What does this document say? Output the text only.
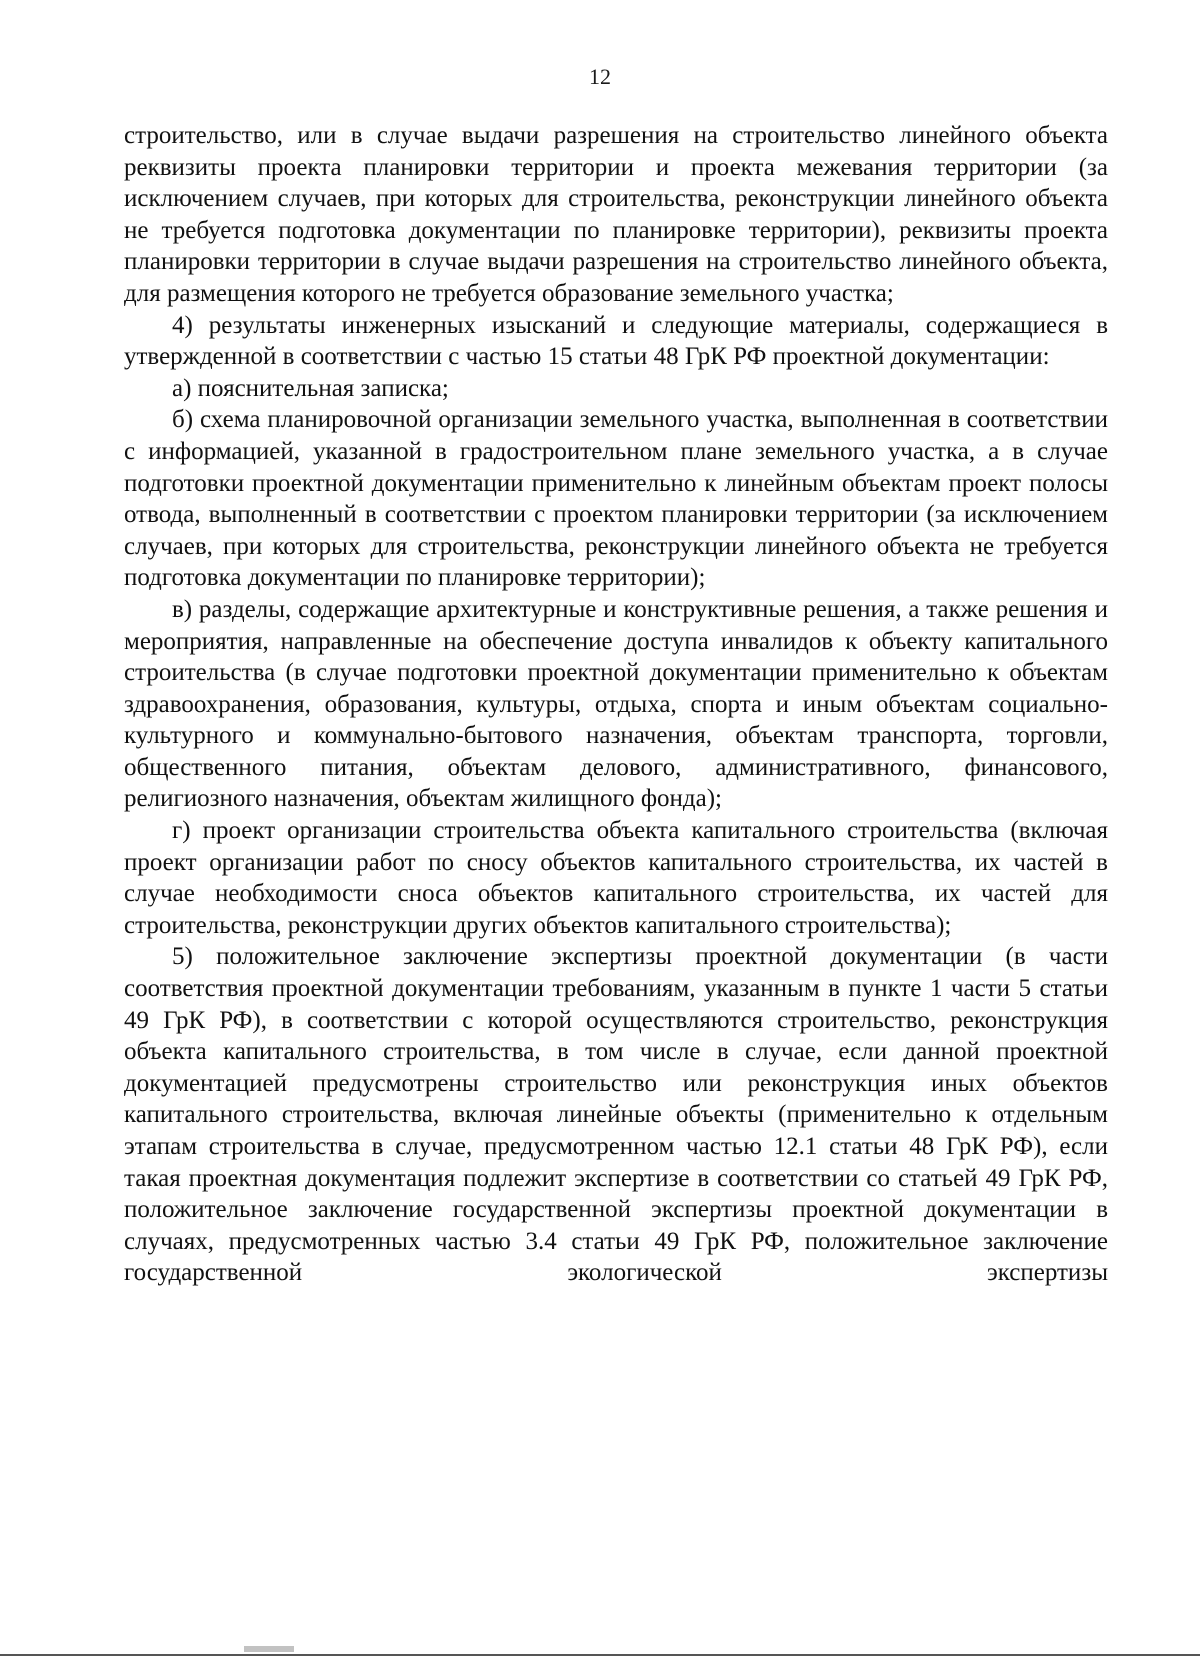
12

строительство, или в случае выдачи разрешения на строительство линейного объекта реквизиты проекта планировки территории и проекта межевания территории (за исключением случаев, при которых для строительства, реконструкции линейного объекта не требуется подготовка документации по планировке территории), реквизиты проекта планировки территории в случае выдачи разрешения на строительство линейного объекта, для размещения которого не требуется образование земельного участка;

4) результаты инженерных изысканий и следующие материалы, содержащиеся в утвержденной в соответствии с частью 15 статьи 48 ГрК РФ проектной документации:

а) пояснительная записка;

б) схема планировочной организации земельного участка, выполненная в соответствии с информацией, указанной в градостроительном плане земельного участка, а в случае подготовки проектной документации применительно к линейным объектам проект полосы отвода, выполненный в соответствии с проектом планировки территории (за исключением случаев, при которых для строительства, реконструкции линейного объекта не требуется подготовка документации по планировке территории);

в) разделы, содержащие архитектурные и конструктивные решения, а также решения и мероприятия, направленные на обеспечение доступа инвалидов к объекту капитального строительства (в случае подготовки проектной документации применительно к объектам здравоохранения, образования, культуры, отдыха, спорта и иным объектам социально-культурного и коммунально-бытового назначения, объектам транспорта, торговли, общественного питания, объектам делового, административного, финансового, религиозного назначения, объектам жилищного фонда);

г) проект организации строительства объекта капитального строительства (включая проект организации работ по сносу объектов капитального строительства, их частей в случае необходимости сноса объектов капитального строительства, их частей для строительства, реконструкции других объектов капитального строительства);

5) положительное заключение экспертизы проектной документации (в части соответствия проектной документации требованиям, указанным в пункте 1 части 5 статьи 49 ГрК РФ), в соответствии с которой осуществляются строительство, реконструкция объекта капитального строительства, в том числе в случае, если данной проектной документацией предусмотрены строительство или реконструкция иных объектов капитального строительства, включая линейные объекты (применительно к отдельным этапам строительства в случае, предусмотренном частью 12.1 статьи 48 ГрК РФ), если такая проектная документация подлежит экспертизе в соответствии со статьей 49 ГрК РФ, положительное заключение государственной экспертизы проектной документации в случаях, предусмотренных частью 3.4 статьи 49 ГрК РФ, положительное заключение государственной экологической экспертизы
